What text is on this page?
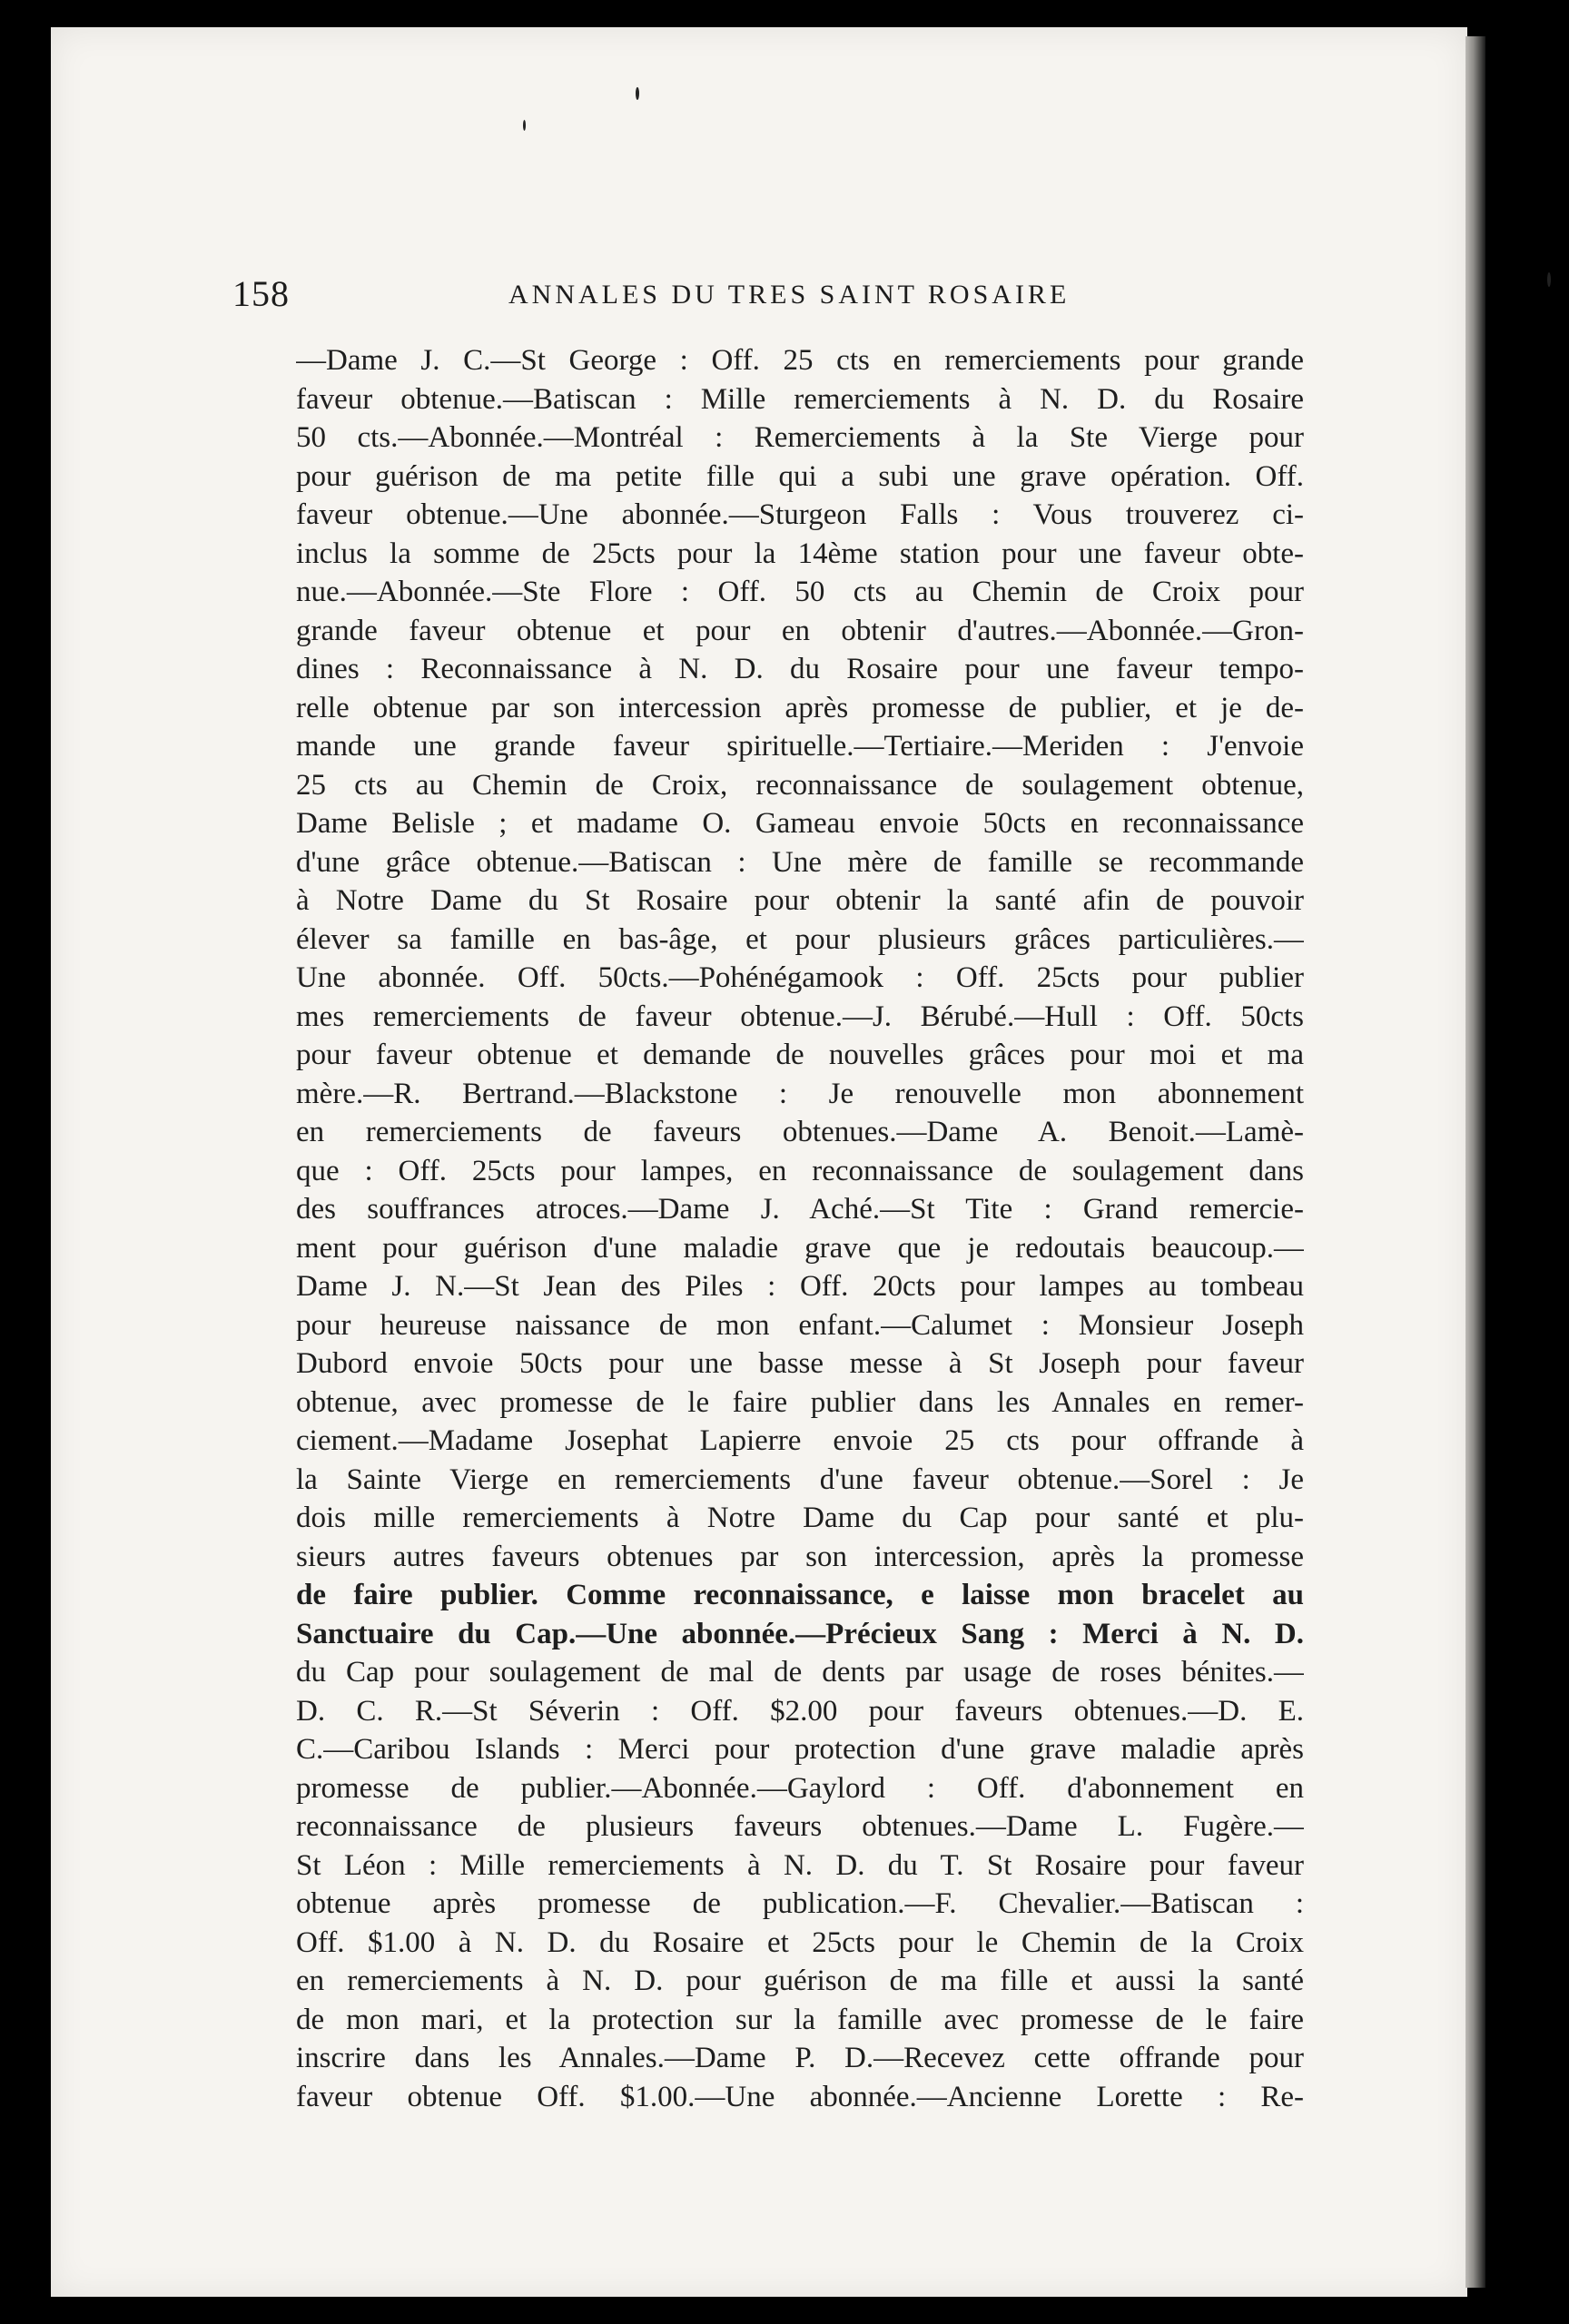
158	ANNALES DU TRES SAINT ROSAIRE
—Dame J. C.—St George : Off. 25 cts en remerciements pour grande
faveur obtenue.—Batiscan : Mille remerciements à N. D. du Rosaire
50 cts.—Abonnée.—Montréal : Remerciements à la Ste Vierge pour
pour guérison de ma petite fille qui a subi une grave opération. Off.
faveur obtenue.—Une abonnée.—Sturgeon Falls : Vous trouverez ci-
inclus la somme de 25cts pour la 14ème station pour une faveur obte-
nue.—Abonnée.—Ste Flore : Off. 50 cts au Chemin de Croix pour
grande faveur obtenue et pour en obtenir d'autres.—Abonnée.—Gron-
dines : Reconnaissance à N. D. du Rosaire pour une faveur tempo-
relle obtenue par son intercession après promesse de publier, et je de-
mande une grande faveur spirituelle.—Tertiaire.—Meriden : J'envoie
25 cts au Chemin de Croix, reconnaissance de soulagement obtenue,
Dame Belisle ; et madame O. Gameau envoie 50cts en reconnaissance
d'une grâce obtenue.—Batiscan : Une mère de famille se recommande
à Notre Dame du St Rosaire pour obtenir la santé afin de pouvoir
élever sa famille en bas-âge, et pour plusieurs grâces particulières.—
Une abonnée. Off. 50cts.—Pohénégamook : Off. 25cts pour publier
mes remerciements de faveur obtenue.—J. Bérubé.—Hull : Off. 50cts
pour faveur obtenue et demande de nouvelles grâces pour moi et ma
mère.—R. Bertrand.—Blackstone : Je renouvelle mon abonnement
en remerciements de faveurs obtenues.—Dame A. Benoit.—Lamè-
que : Off. 25cts pour lampes, en reconnaissance de soulagement dans
des souffrances atroces.—Dame J. Aché.—St Tite : Grand remercie-
ment pour guérison d'une maladie grave que je redoutais beaucoup.—
Dame J. N.—St Jean des Piles : Off. 20cts pour lampes au tombeau
pour heureuse naissance de mon enfant.—Calumet : Monsieur Joseph
Dubord envoie 50cts pour une basse messe à St Joseph pour faveur
obtenue, avec promesse de le faire publier dans les Annales en remer-
ciement.—Madame Josephat Lapierre envoie 25 cts pour offrande à
la Sainte Vierge en remerciements d'une faveur obtenue.—Sorel : Je
dois mille remerciements à Notre Dame du Cap pour santé et plu-
sieurs autres faveurs obtenues par son intercession, après la promesse
de faire publier. Comme reconnaissance, e laisse mon bracelet au
Sanctuaire du Cap.—Une abonnée.—Précieux Sang : Merci à N. D.
du Cap pour soulagement de mal de dents par usage de roses bénites.—
D. C. R.—St Séverin : Off. $2.00 pour faveurs obtenues.—D. E.
C.—Caribou Islands : Merci pour protection d'une grave maladie après
promesse de publier.—Abonnée.—Gaylord : Off. d'abonnement en
reconnaissance de plusieurs faveurs obtenues.—Dame L. Fugère.—
St Léon : Mille remerciements à N. D. du T. St Rosaire pour faveur
obtenue après promesse de publication.—F. Chevalier.—Batiscan :
Off. $1.00 à N. D. du Rosaire et 25cts pour le Chemin de la Croix
en remerciements à N. D. pour guérison de ma fille et aussi la santé
de mon mari, et la protection sur la famille avec promesse de le faire
inscrire dans les Annales.—Dame P. D.—Recevez cette offrande pour
faveur obtenue Off. $1.00.—Une abonnée.—Ancienne Lorette : Re-
